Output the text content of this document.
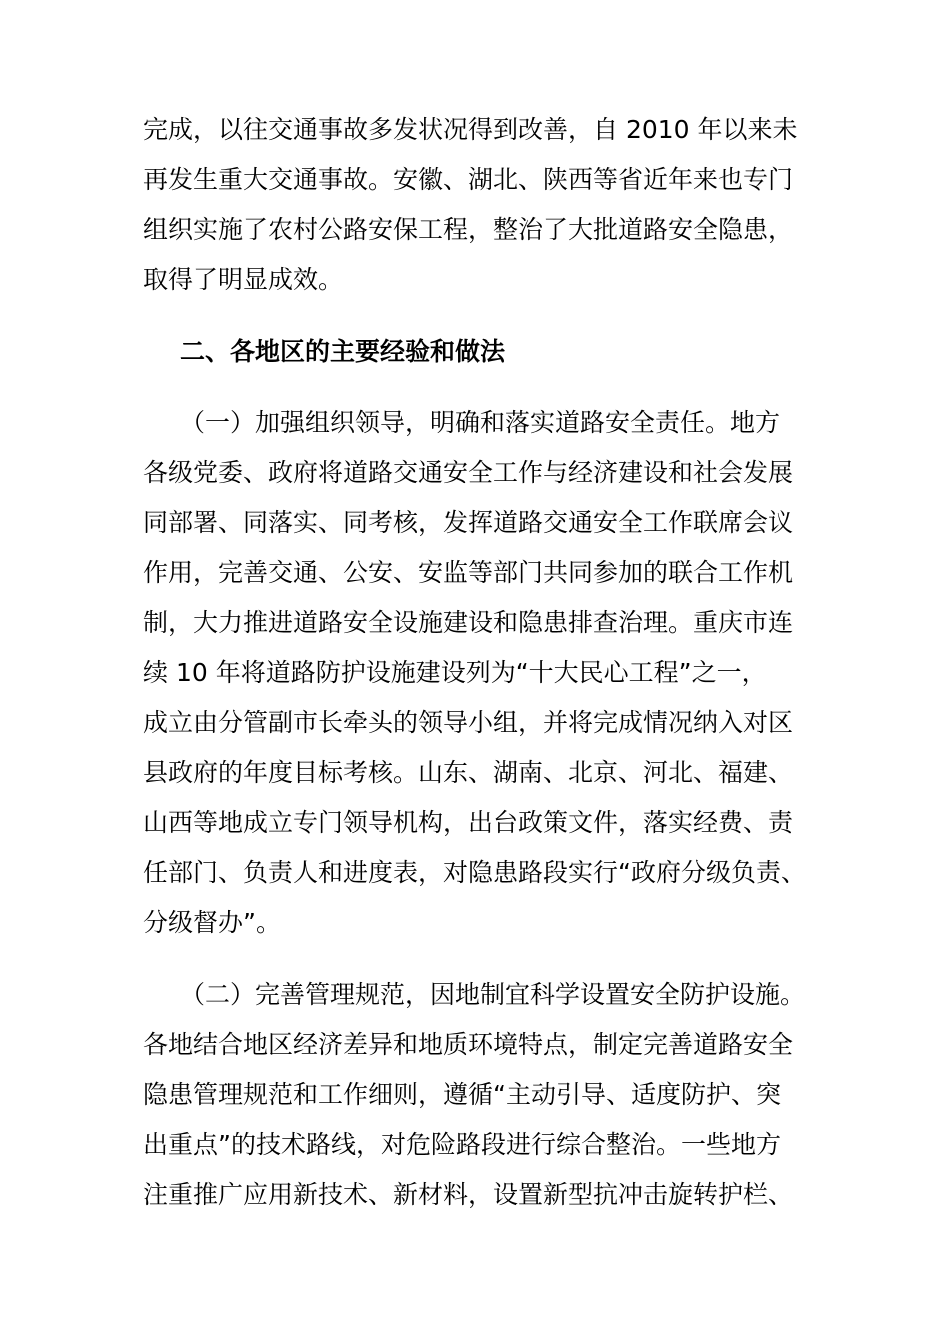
完成，以往交通事故多发状况得到改善，自 2010 年以来未
再发生重大交通事故。安徽、湖北、陕西等省近年来也专门
组织实施了农村公路安保工程，整治了大批道路安全隐患，
取得了明显成效。
二、各地区的主要经验和做法
（一）加强组织领导，明确和落实道路安全责任。地方
各级党委、政府将道路交通安全工作与经济建设和社会发展
同部署、同落实、同考核，发挥道路交通安全工作联席会议
作用，完善交通、公安、安监等部门共同参加的联合工作机
制，大力推进道路安全设施建设和隐患排查治理。重庆市连
续 10 年将道路防护设施建设列为“十大民心工程”之一，
成立由分管副市长牵头的领导小组，并将完成情况纳入对区
县政府的年度目标考核。山东、湖南、北京、河北、福建、
山西等地成立专门领导机构，出台政策文件，落实经费、责
任部门、负责人和进度表，对隐患路段实行“政府分级负责、
分级督办”。
（二）完善管理规范，因地制宜科学设置安全防护设施。
各地结合地区经济差异和地质环境特点，制定完善道路安全
隐患管理规范和工作细则，遵循“主动引导、适度防护、突
出重点”的技术路线，对危险路段进行综合整治。一些地方
注重推广应用新技术、新材料，设置新型抗冲击旋转护栏、
